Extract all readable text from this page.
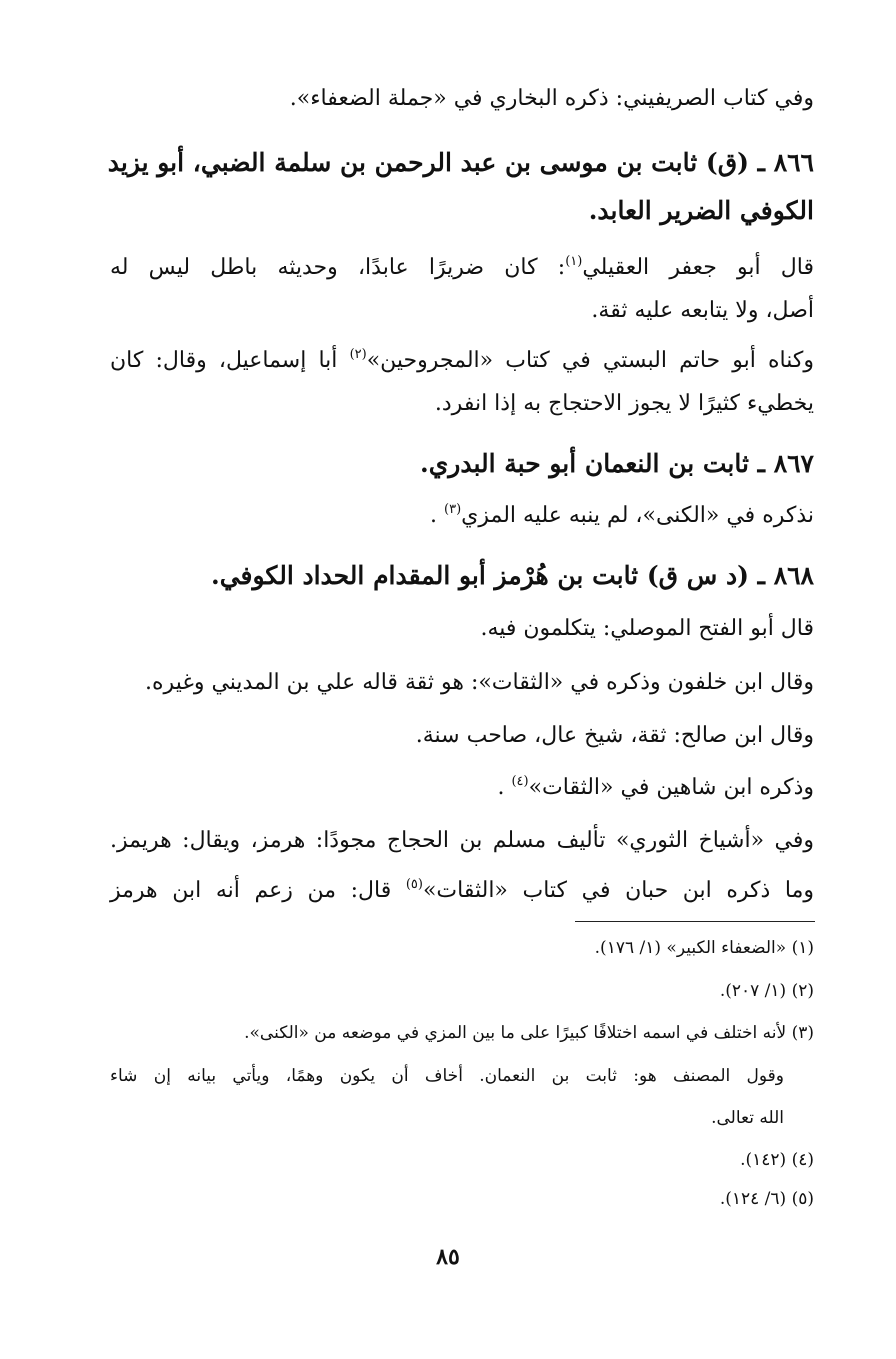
وفي كتاب الصريفيني: ذكره البخاري في «جملة الضعفاء».
٨٦٦ ـ (ق) ثابت بن موسى بن عبد الرحمن بن سلمة الضبي، أبو يزيد
الكوفي الضرير العابد.
قال أبو جعفر العقيلي$^{(١)}$: كان ضريرًا عابدًا، وحديثه باطل ليس له
أصل، ولا يتابعه عليه ثقة.
وكناه أبو حاتم البستي في كتاب «المجروحين»$^{(٢)}$ أبا إسماعيل، وقال: كان
يخطيء كثيرًا لا يجوز الاحتجاج به إذا انفرد.
٨٦٧ ـ ثابت بن النعمان أبو حبة البدري.
نذكره في «الكنى»، لم ينبه عليه المزي$^{(٣)}$ .
٨٦٨ ـ (د س ق) ثابت بن هُرْمز أبو المقدام الحداد الكوفي.
قال أبو الفتح الموصلي: يتكلمون فيه.
وقال ابن خلفون وذكره في «الثقات»: هو ثقة قاله علي بن المديني وغيره.
وقال ابن صالح: ثقة، شيخ عال، صاحب سنة.
وذكره ابن شاهين في «الثقات»$^{(٤)}$ .
وفي «أشياخ الثوري» تأليف مسلم بن الحجاج مجودًا: هرمز، ويقال: هريمز.
وما ذكره ابن حبان في كتاب «الثقات»$^{(٥)}$ قال: من زعم أنه ابن هرمز
(١) «الضعفاء الكبير» (١/ ١٧٦).
(٢) (١/ ٢٠٧).
(٣) لأنه اختلف في اسمه اختلافًا كبيرًا على ما بين المزي في موضعه من «الكنى».
وقول المصنف هو: ثابت بن النعمان. أخاف أن يكون وهمًا، ويأتي بيانه إن شاء
الله تعالى.
(٤) (١٤٢).
(٥) (٦/ ١٢٤).
٨٥
